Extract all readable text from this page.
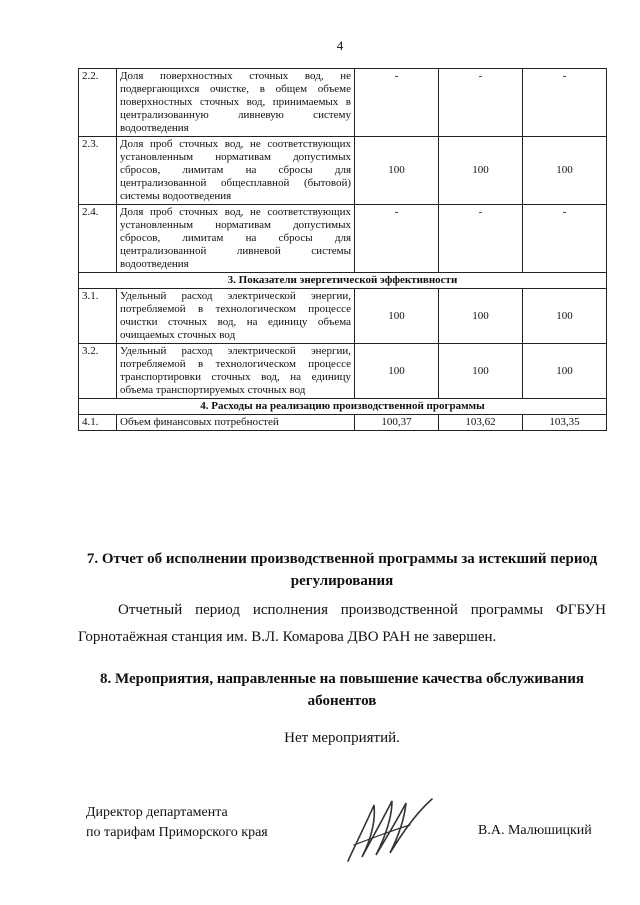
4
2.2.	Доля поверхностных сточных вод, не подвергающихся очистке, в общем объеме поверхностных сточных вод, принимаемых в централизованную ливневую систему водоотведения	-	-	-
2.3.	Доля проб сточных вод, не соответствующих установленным нормативам допустимых сбросов, лимитам на сбросы для централизованной общесплавной (бытовой) системы водоотведения	100	100	100
2.4.	Доля проб сточных вод, не соответствующих установленным нормативам допустимых сбросов, лимитам на сбросы для централизованной ливневой системы водоотведения	-	-	-
3. Показатели энергетической эффективности				
3.1.	Удельный расход электрической энергии, потребляемой в технологическом процессе очистки сточных вод, на единицу объема очищаемых сточных вод	100	100	100
3.2.	Удельный расход электрической энергии, потребляемой в технологическом процессе транспортировки сточных вод, на единицу объема транспортируемых сточных вод	100	100	100
4. Расходы на реализацию производственной программы				
4.1.	Объем финансовых потребностей	100,37	103,62	103,35
7. Отчет об исполнении производственной программы за истекший период регулирования
Отчетный период исполнения производственной программы ФГБУН Горнотаёжная станция им. В.Л. Комарова ДВО РАН не завершен.
8. Мероприятия, направленные на повышение качества обслуживания абонентов
Нет мероприятий.
Директор департамента
по тарифам Приморского края	В.А. Малюшицкий
